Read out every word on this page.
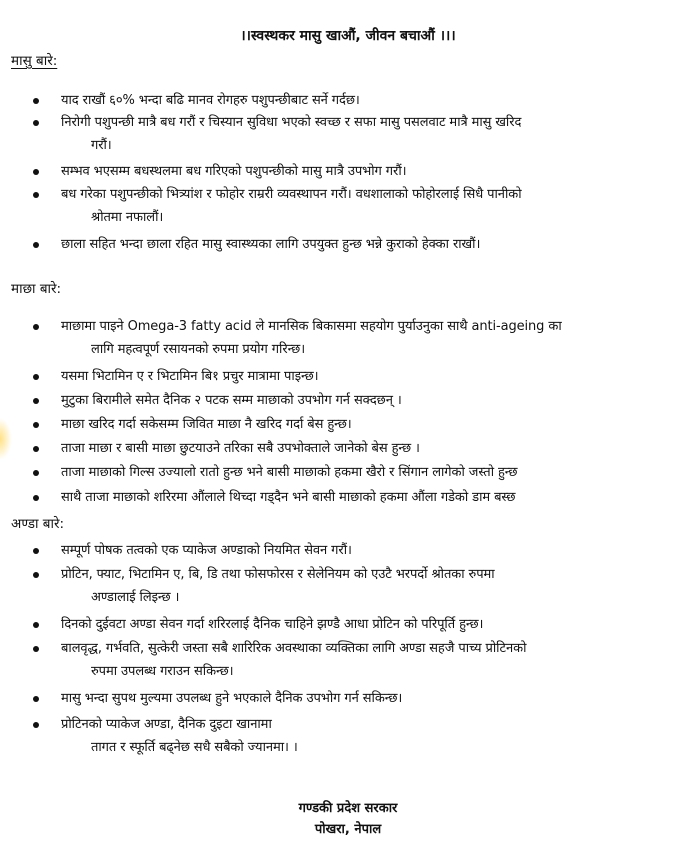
।।स्वस्थकर मासु खाऔं, जीवन बचाऔं ।।।
मासु बारे:
याद राखौं ६०% भन्दा बढि मानव रोगहरु पशुपन्छीबाट सर्ने गर्दछ।
निरोगी पशुपन्छी मात्रै बध गरौं र चिस्यान सुविधा भएको स्वच्छ र सफा मासु पसलवाट मात्रै मासु खरिद
गरौं।
सम्भव भएसम्म बधस्थलमा बध गरिएको पशुपन्छीको मासु मात्रै उपभोग गरौं।
बध गरेका पशुपन्छीको भित्र्यांश र फोहोर राम्ररी व्यवस्थापन गरौं। वधशालाको फोहोरलाई सिधै पानीको
श्रोतमा नफालौं।
छाला सहित भन्दा छाला रहित मासु स्वास्थ्यका लागि उपयुक्त हुन्छ भन्ने कुराको हेक्का राखौं।
माछा बारे:
माछामा पाइने Omega-3 fatty acid ले मानसिक बिकासमा सहयोग पुर्याउनुका साथै anti-ageing का
लागि महत्वपूर्ण रसायनको रुपमा प्रयोग गरिन्छ।
यसमा भिटामिन ए र भिटामिन बि१ प्रचुर मात्रामा पाइन्छ।
मुटुका बिरामीले समेत दैनिक २ पटक सम्म माछाको उपभोग गर्न सक्दछन् ।
माछा खरिद गर्दा सकेसम्म जिवित माछा नै खरिद गर्दा बेस हुन्छ।
ताजा माछा र बासी माछा छुटयाउने तरिका सबै उपभोक्ताले जानेको बेस हुन्छ ।
ताजा माछाको गिल्स उज्यालो रातो हुन्छ भने बासी माछाको हकमा खैरो र सिंगान लागेको जस्तो हुन्छ
साथै ताजा माछाको शरिरमा औंलाले थिच्दा गड्दैन भने बासी माछाको हकमा औंला गडेको डाम बस्छ
अण्डा बारे:
सम्पूर्ण पोषक तत्वको एक प्याकेज अण्डाको नियमित सेवन गरौं।
प्रोटिन, फ्याट, भिटामिन ए, बि, डि तथा फोसफोरस र सेलेनियम को एउटै भरपर्दो श्रोतका रुपमा
अण्डालाई लिइन्छ ।
दिनको दुईवटा अण्डा सेवन गर्दा शरिरलाई दैनिक चाहिने झण्डै आधा प्रोटिन को परिपूर्ति हुन्छ।
बालवृद्ध, गर्भवति, सुत्केरी जस्ता सबै शारिरिक अवस्थाका व्यक्तिका लागि अण्डा सहजै पाच्य प्रोटिनको
रुपमा उपलब्ध गराउन सकिन्छ।
मासु भन्दा सुपथ मुल्यमा उपलब्ध हुने भएकाले दैनिक उपभोग गर्न सकिन्छ।
प्रोटिनको प्याकेज अण्डा, दैनिक दुइटा खानामा
तागत र स्फूर्ति बढ्नेछ सधै सबैको ज्यानमा। ।
गण्डकी प्रदेश सरकार
पोखरा, नेपाल
